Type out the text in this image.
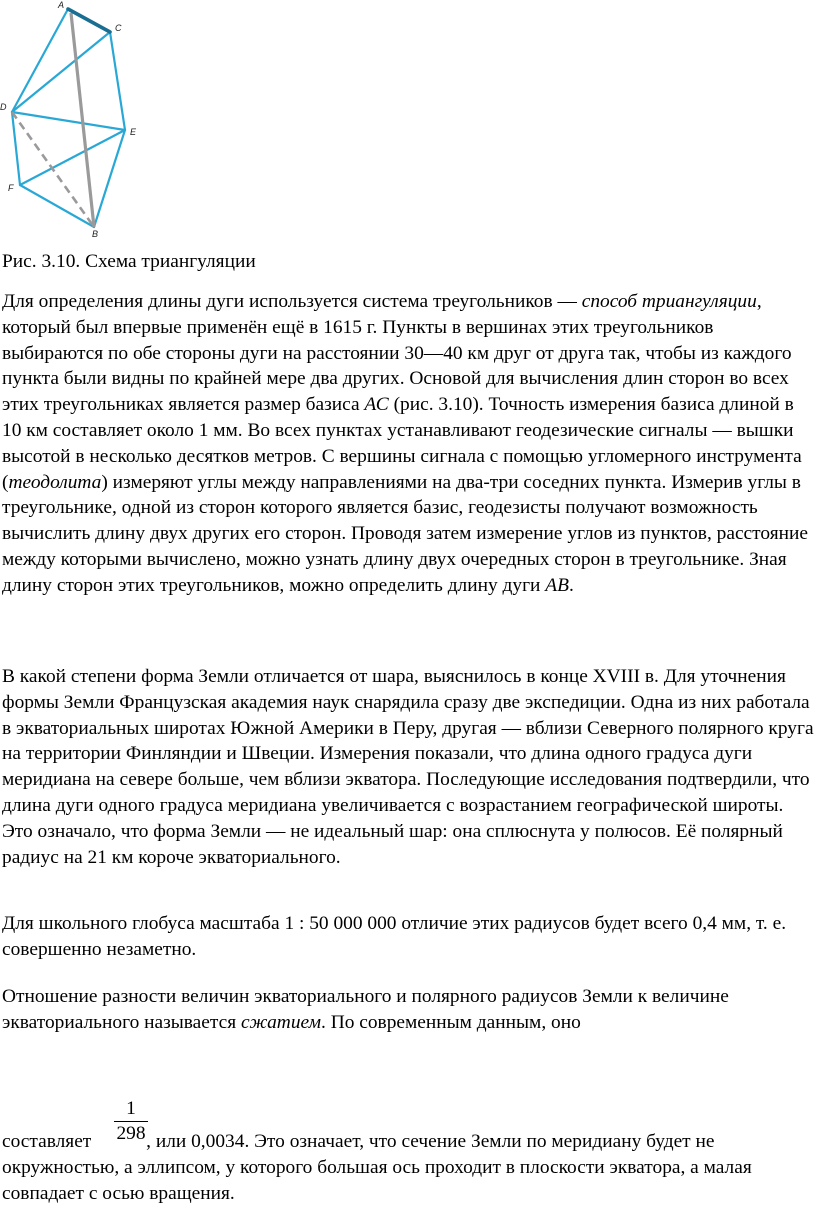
A
C
D
E
F
B

Рис. 3.10. Схема триангуляции

Для определения длины дуги используется система треугольников — способ триангуляции, который был впервые применён ещё в 1615 г. Пункты в вершинах этих треугольников выбираются по обе стороны дуги на расстоянии 30—40 км друг от друга так, чтобы из каждого пункта были видны по крайней мере два других. Основой для вычисления длин сторон во всех этих треугольниках является размер базиса АС (рис. 3.10). Точность измерения базиса длиной в 10 км составляет около 1 мм. Во всех пунктах устанавливают геодезические сигналы — вышки высотой в несколько десятков метров. С вершины сигнала с помощью угломерного инструмента (теодолита) измеряют углы между направлениями на два-три соседних пункта. Измерив углы в треугольнике, одной из сторон которого является базис, геодезисты получают возможность вычислить длину двух других его сторон. Проводя затем измерение углов из пунктов, расстояние между которыми вычислено, можно узнать длину двух очередных сторон в треугольнике. Зная длину сторон этих треугольников, можно определить длину дуги АВ.

В какой степени форма Земли отличается от шара, выяснилось в конце XVIII в. Для уточнения формы Земли Французская академия наук снарядила сразу две экспедиции. Одна из них работала в экваториальных широтах Южной Америки в Перу, другая — вблизи Северного полярного круга на территории Финляндии и Швеции. Измерения показали, что длина одного градуса дуги меридиана на севере больше, чем вблизи экватора. Последующие исследования подтвердили, что длина дуги одного градуса меридиана увеличивается с возрастанием географической широты. Это означало, что форма Земли — не идеальный шар: она сплюснута у полюсов. Её полярный радиус на 21 км короче экваториального.

Для школьного глобуса масштаба 1 : 50 000 000 отличие этих радиусов будет всего 0,4 мм, т. е. совершенно незаметно.

Отношение разности величин экваториального и полярного радиусов Земли к величине экваториального называется сжатием. По современным данным, оно

1
298

составляет	, или 0,0034. Это означает, что сечение Земли по меридиану будет не окружностью, а эллипсом, у которого большая ось проходит в плоскости экватора, а малая совпадает с осью вращения.
